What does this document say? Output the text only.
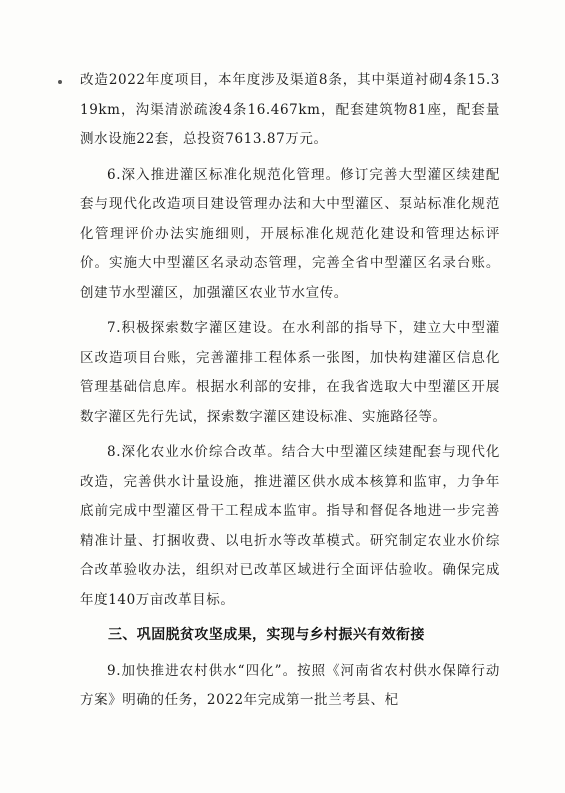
改造2022年度项目，本年度涉及渠道8条，其中渠道衬砌4条15.319km，沟渠清淤疏浚4条16.467km，配套建筑物81座，配套量测水设施22套，总投资7613.87万元。

6.深入推进灌区标准化规范化管理。修订完善大型灌区续建配套与现代化改造项目建设管理办法和大中型灌区、泵站标准化规范化管理评价办法实施细则，开展标准化规范化建设和管理达标评价。实施大中型灌区名录动态管理，完善全省中型灌区名录台账。创建节水型灌区，加强灌区农业节水宣传。

7.积极探索数字灌区建设。在水利部的指导下，建立大中型灌区改造项目台账，完善灌排工程体系一张图，加快构建灌区信息化管理基础信息库。根据水利部的安排，在我省选取大中型灌区开展数字灌区先行先试，探索数字灌区建设标准、实施路径等。

8.深化农业水价综合改革。结合大中型灌区续建配套与现代化改造，完善供水计量设施，推进灌区供水成本核算和监审，力争年底前完成中型灌区骨干工程成本监审。指导和督促各地进一步完善精准计量、打捆收费、以电折水等改革模式。研究制定农业水价综合改革验收办法，组织对已改革区域进行全面评估验收。确保完成年度140万亩改革目标。

三、巩固脱贫攻坚成果，实现与乡村振兴有效衔接

9.加快推进农村供水“四化”。按照《河南省农村供水保障行动方案》明确的任务，2022年完成第一批兰考县、杞
